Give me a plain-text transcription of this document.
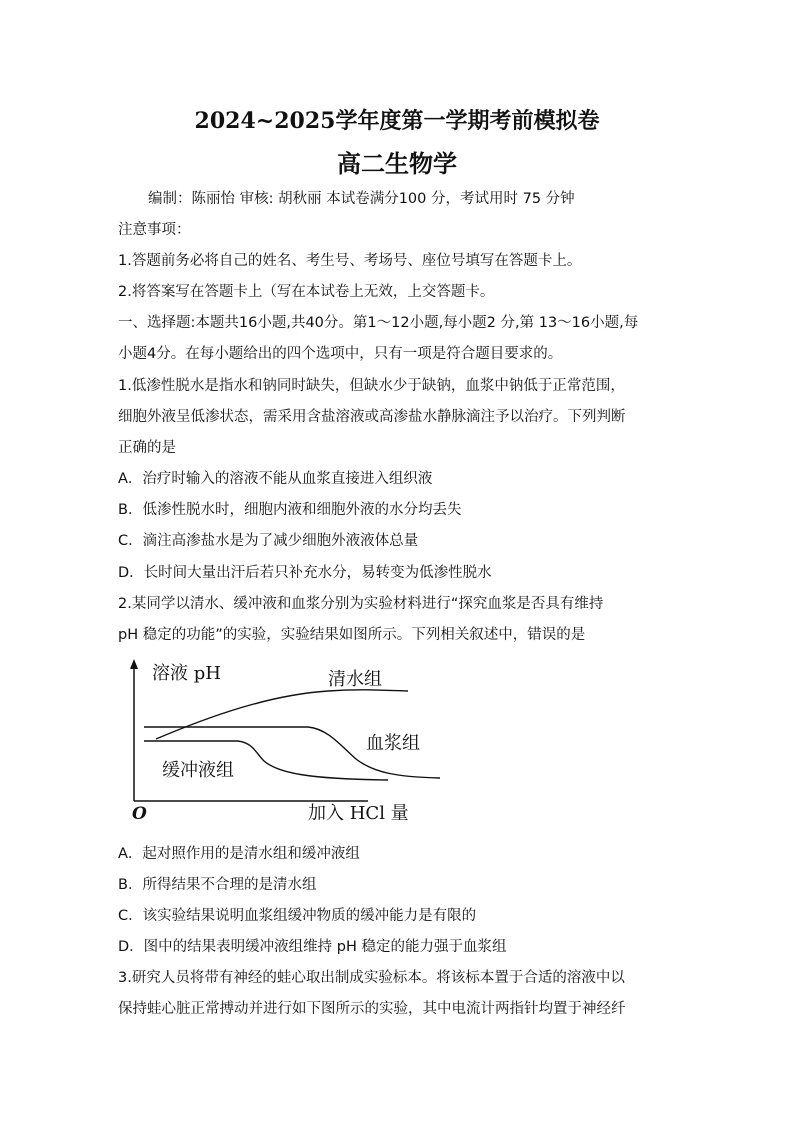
2024~2025学年度第一学期考前模拟卷
高二生物学
编制：陈丽怡 审核: 胡秋丽 本试卷满分100 分，考试用时 75 分钟
注意事项：
1.答题前务必将自己的姓名、考生号、考场号、座位号填写在答题卡上。
2.将答案写在答题卡上（写在本试卷上无效，上交答题卡。
一、选择题:本题共16小题,共40分。第1～12小题,每小题2 分,第 13～16小题,每
小题4分。在每小题给出的四个选项中，只有一项是符合题目要求的。
1.低渗性脱水是指水和钠同时缺失，但缺水少于缺钠，血浆中钠低于正常范围，
细胞外液呈低渗状态，需采用含盐溶液或高渗盐水静脉滴注予以治疗。下列判断
正确的是
A．治疗时输入的溶液不能从血浆直接进入组织液
B．低渗性脱水时，细胞内液和细胞外液的水分均丢失
C．滴注高渗盐水是为了减少细胞外液液体总量
D．长时间大量出汗后若只补充水分，易转变为低渗性脱水
2.某同学以清水、缓冲液和血浆分别为实验材料进行“探究血浆是否具有维持
pH 稳定的功能”的实验，实验结果如图所示。下列相关叙述中，错误的是
溶液 pH	清水组
血浆组
缓冲液组
O	加入 HCl 量
A．起对照作用的是清水组和缓冲液组
B．所得结果不合理的是清水组
C．该实验结果说明血浆组缓冲物质的缓冲能力是有限的
D．图中的结果表明缓冲液组维持 pH 稳定的能力强于血浆组
3.研究人员将带有神经的蛙心取出制成实验标本。将该标本置于合适的溶液中以
保持蛙心脏正常搏动并进行如下图所示的实验，其中电流计两指针均置于神经纤
